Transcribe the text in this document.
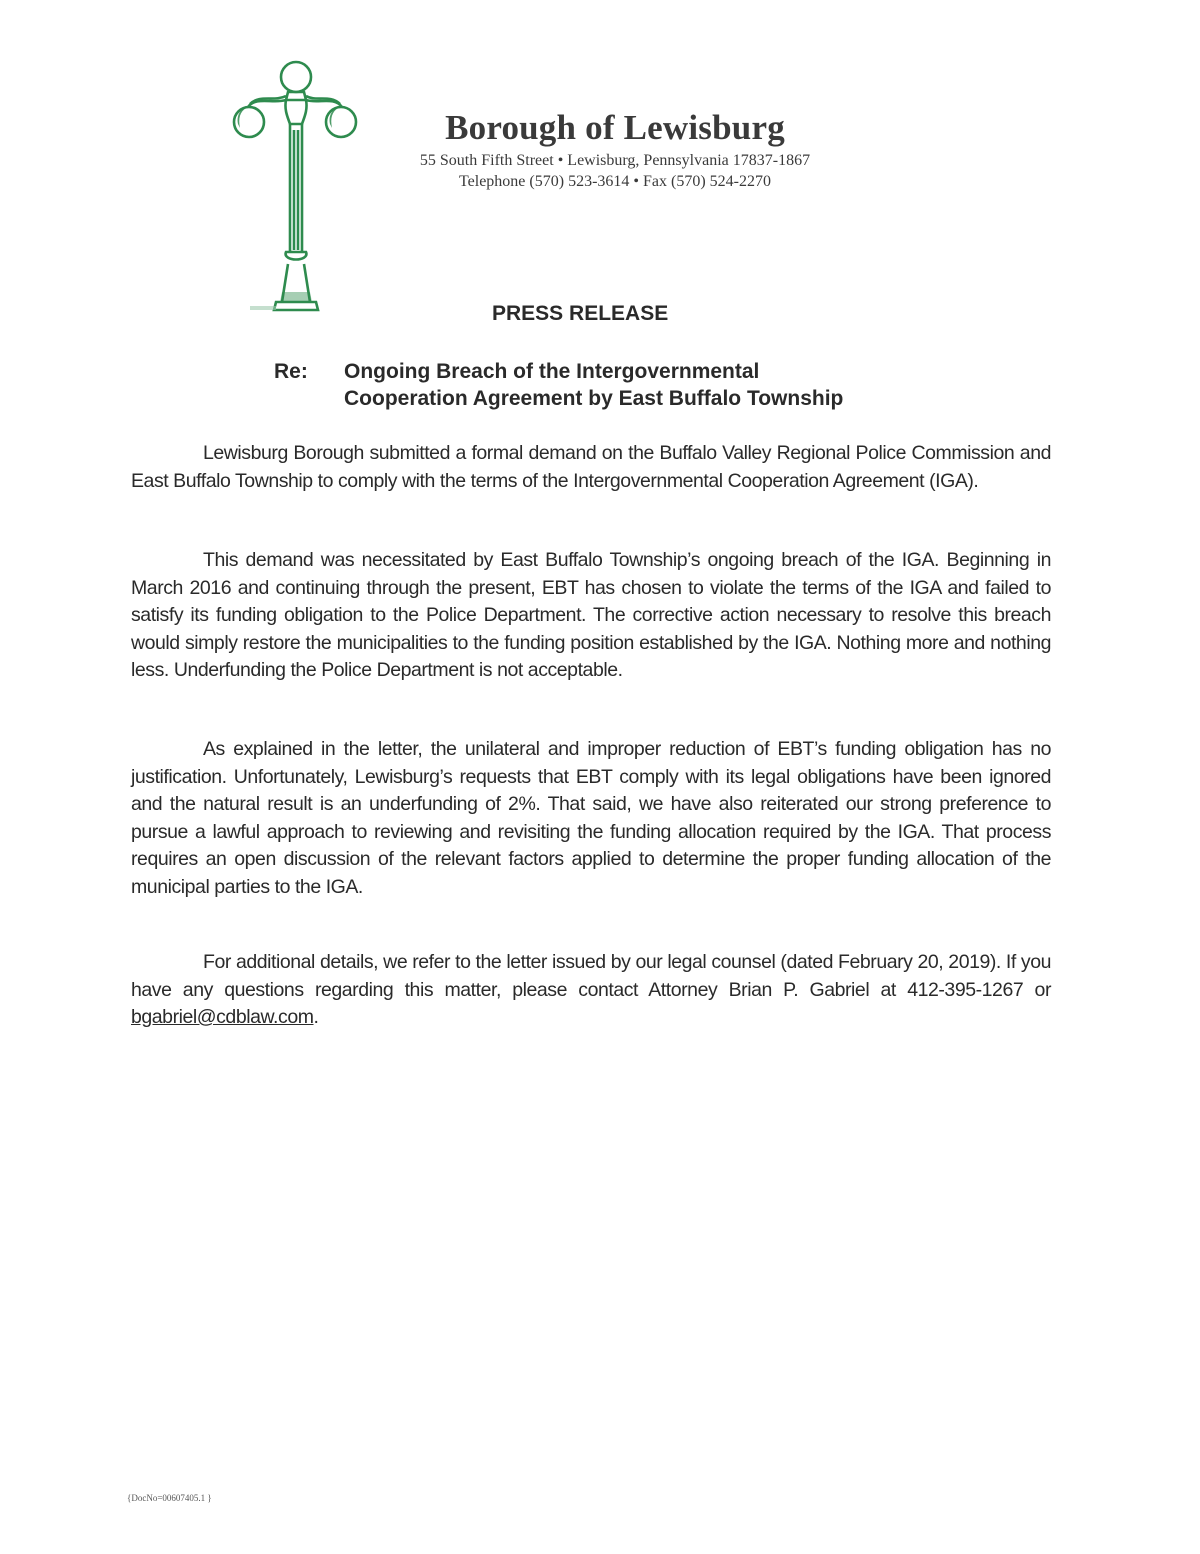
Borough of Lewisburg
55 South Fifth Street • Lewisburg, Pennsylvania 17837-1867
Telephone (570) 523-3614 • Fax (570) 524-2270
PRESS RELEASE
Re: Ongoing Breach of the Intergovernmental
Cooperation Agreement by East Buffalo Township

Lewisburg Borough submitted a formal demand on the Buffalo Valley Regional Police Commission and East Buffalo Township to comply with the terms of the Intergovernmental Cooperation Agreement (IGA).

This demand was necessitated by East Buffalo Township’s ongoing breach of the IGA. Beginning in March 2016 and continuing through the present, EBT has chosen to violate the terms of the IGA and failed to satisfy its funding obligation to the Police Department. The corrective action necessary to resolve this breach would simply restore the municipalities to the funding position established by the IGA. Nothing more and nothing less. Underfunding the Police Department is not acceptable.

As explained in the letter, the unilateral and improper reduction of EBT’s funding obligation has no justification. Unfortunately, Lewisburg’s requests that EBT comply with its legal obligations have been ignored and the natural result is an underfunding of 2%. That said, we have also reiterated our strong preference to pursue a lawful approach to reviewing and revisiting the funding allocation required by the IGA. That process requires an open discussion of the relevant factors applied to determine the proper funding allocation of the municipal parties to the IGA.

For additional details, we refer to the letter issued by our legal counsel (dated February 20, 2019). If you have any questions regarding this matter, please contact Attorney Brian P. Gabriel at 412-395-1267 or bgabriel@cdblaw.com.

{DocNo=00607405.1 }
